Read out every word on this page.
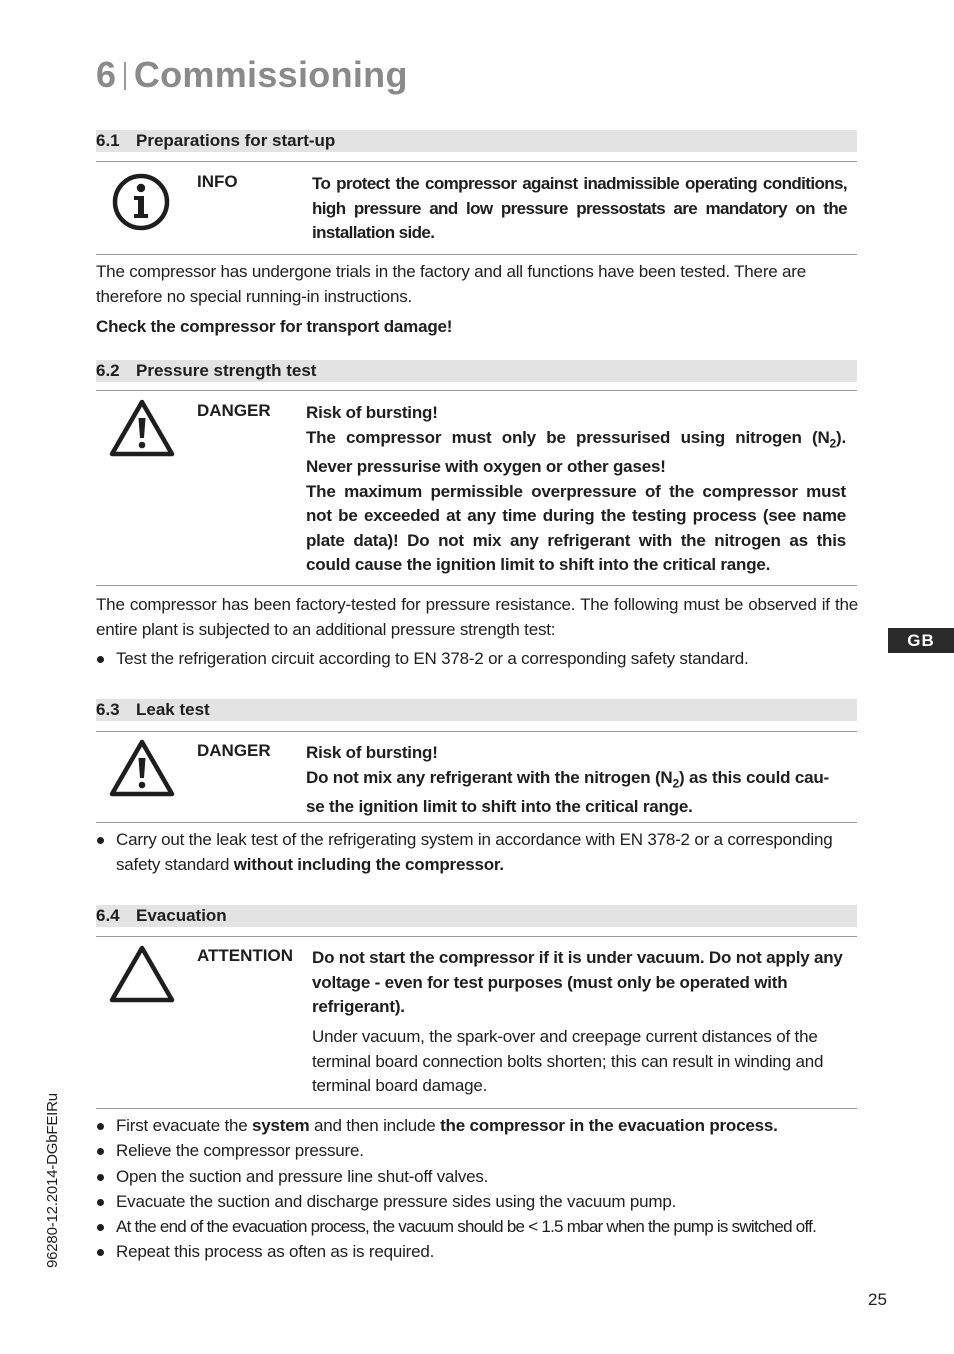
6 Commissioning
6.1 Preparations for start-up
INFO	To protect the compressor against inadmissible operating conditions, high pressure and low pressure pressostats are mandatory on the installation side.
The compressor has undergone trials in the factory and all functions have been tested. There are therefore no special running-in instructions.
Check the compressor for transport damage!
6.2 Pressure strength test
DANGER Risk of bursting!
The compressor must only be pressurised using nitrogen $(N_2)$. Never pressurise with oxygen or other gases!
The maximum permissible overpressure of the compressor must not be exceeded at any time during the testing process (see name plate data)! Do not mix any refrigerant with the nitrogen as this could cause the ignition limit to shift into the critical range.
The compressor has been factory-tested for pressure resistance. The following must be observed if the entire plant is subjected to an additional pressure strength test:
Test the refrigeration circuit according to EN 378-2 or a corresponding safety standard.
GB
6.3 Leak test
DANGER Risk of bursting!
Do not mix any refrigerant with the nitrogen $(N_2)$ as this could cau-se the ignition limit to shift into the critical range.
Carry out the leak test of the refrigerating system in accordance with EN 378-2 or a corresponding safety standard without including the compressor.
6.4 Evacuation
ATTENTION Do not start the compressor if it is under vacuum. Do not apply any voltage - even for test purposes (must only be operated with refrigerant).
Under vacuum, the spark-over and creepage current distances of the terminal board connection bolts shorten; this can result in winding and terminal board damage.
First evacuate the system and then include the compressor in the evacuation process.
Relieve the compressor pressure.
Open the suction and pressure line shut-off valves.
Evacuate the suction and discharge pressure sides using the vacuum pump.
At the end of the evacuation process, the vacuum should be < 1.5 mbar when the pump is switched off.
Repeat this process as often as is required.
96280-12.2014-DGbFEIRu
25
